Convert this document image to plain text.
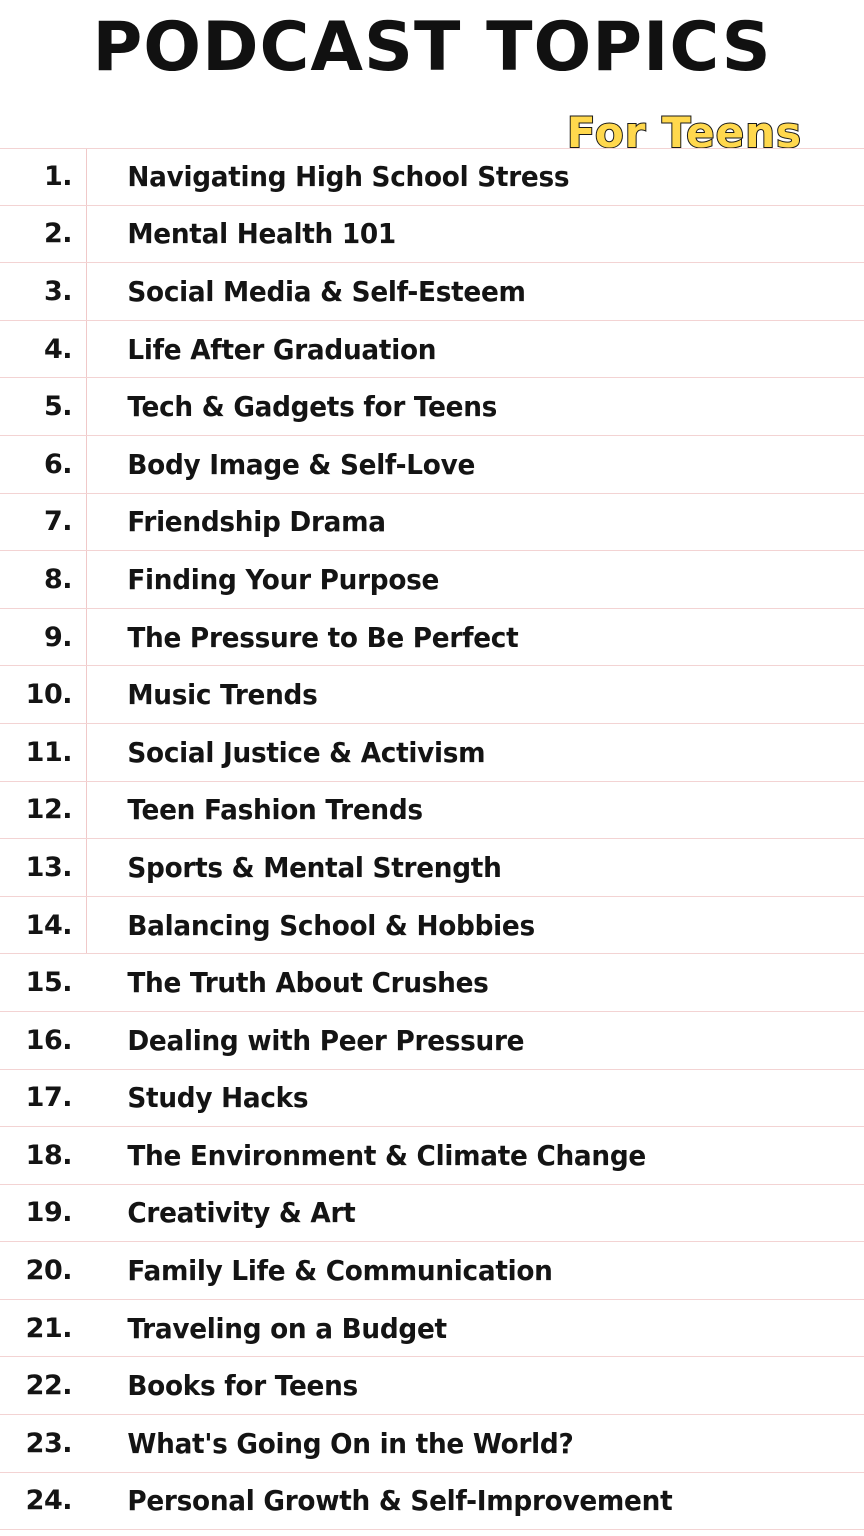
PODCAST TOPICS
For Teens
1.	Navigating High School Stress
2.	Mental Health 101
3.	Social Media & Self-Esteem
4.	Life After Graduation
5.	Tech & Gadgets for Teens
6.	Body Image & Self-Love
7.	Friendship Drama
8.	Finding Your Purpose
9.	The Pressure to Be Perfect
10.	Music Trends
11.	Social Justice & Activism
12.	Teen Fashion Trends
13.	Sports & Mental Strength
14.	Balancing School & Hobbies
15.	The Truth About Crushes
16.	Dealing with Peer Pressure
17.	Study Hacks
18.	The Environment & Climate Change
19.	Creativity & Art
20.	Family Life & Communication
21.	Traveling on a Budget
22.	Books for Teens
23.	What's Going On in the World?
24.	Personal Growth & Self-Improvement
